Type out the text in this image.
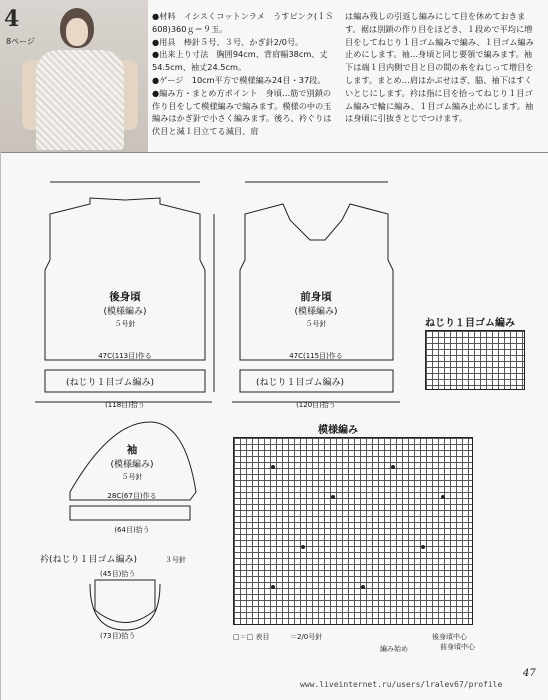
4
8ページ
●材料　イシスくコットンラメ　うすピンク(ＩＳ608)360ｇ＝９玉。
●用具　棒針５号、３号、かぎ針2/0号。
●出来上り寸法　胸囲94cm、背肩幅38cm、丈54.5cm、袖丈24.5cm。
●ゲージ　10cm平方で模様編み24目・37段。
●編み方・まとめ方ポイント　身頃…筋で別鎖の作り目をして模様編みで編みます。模様の中の玉編みはかぎ針で小さく編みます。後ろ、衿ぐりは伏目と減１目立てる減目、肩
は編み残しの引返し編みにして目を休めておきます。裾は別鎖の作り目をほどき、１段めで平均に増目をしてねじり１目ゴム編みで編み、１目ゴム編み止めにします。袖…身頃と同じ要領で編みます。袖下は端１目内側で目と目の間の糸をねじって増目をします。まとめ…肩はかぶせはぎ、脇、袖下はすくいとじにします。衿は指に目を拾ってねじり１目ゴム編みで輪に編み、１目ゴム編み止めにします。袖は身頃に引抜きとじでつけます。
後身頃
(模様編み)
５号針
47C(113目)作る
(ねじり１目ゴム編み)
(118目)拾う
前身頃
(模様編み)
５号針
47C(115目)作る
(ねじり１目ゴム編み)
(120目)拾う
袖
(模様編み)
５号針
28C(67目)作る
(64目)拾う
衿(ねじり１目ゴム編み)	３号針
(45目)拾う
(73目)拾う
ねじり１目ゴム編み
模様編み
□＝□ 表目	＝2/0号針
編み始め
後身頃中心
前身頃中心
47
www.liveinternet.ru/users/lralev67/profile
